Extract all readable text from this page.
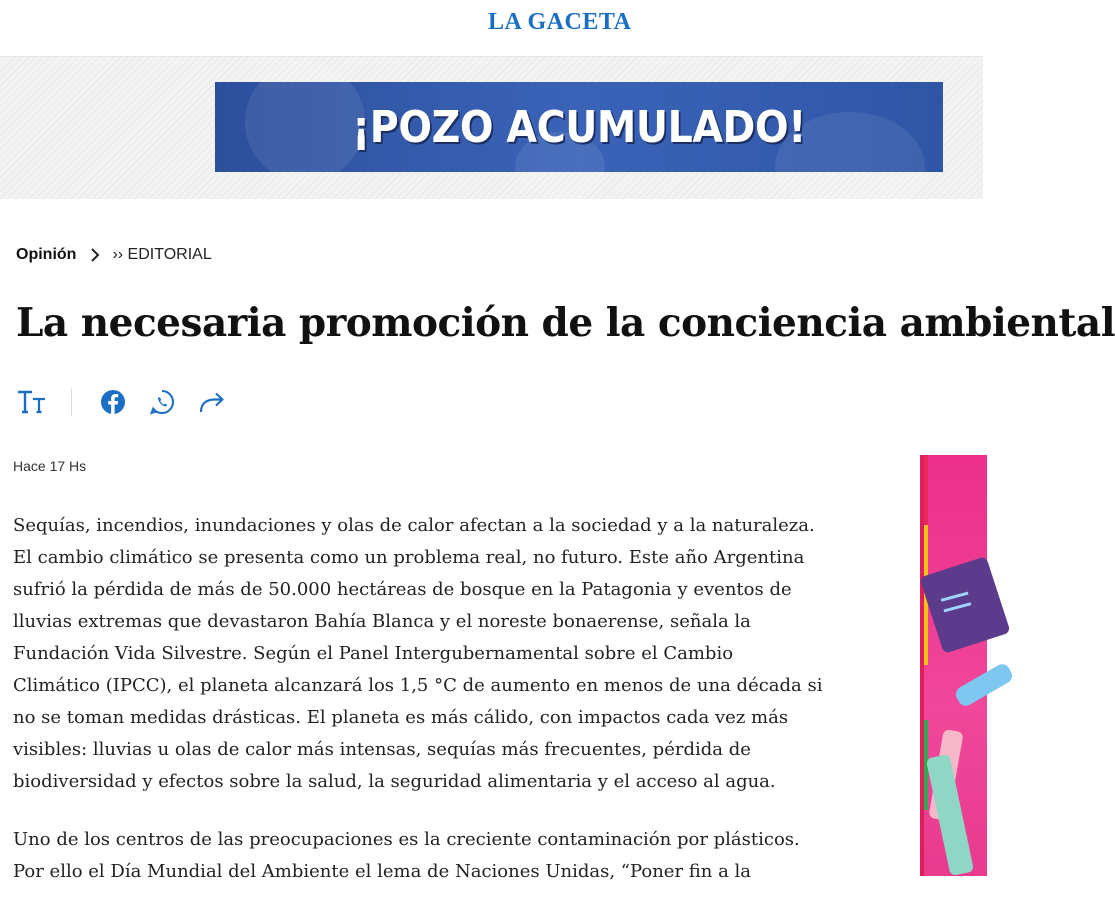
LA GACETA
¡POZO ACUMULADO!
Opinión ›› EDITORIAL
La necesaria promoción de la conciencia ambiental
Hace 17 Hs

Sequías, incendios, inundaciones y olas de calor afectan a la sociedad y a la naturaleza. El cambio climático se presenta como un problema real, no futuro. Este año Argentina sufrió la pérdida de más de 50.000 hectáreas de bosque en la Patagonia y eventos de lluvias extremas que devastaron Bahía Blanca y el noreste bonaerense, señala la Fundación Vida Silvestre. Según el Panel Intergubernamental sobre el Cambio Climático (IPCC), el planeta alcanzará los 1,5 °C de aumento en menos de una década si no se toman medidas drásticas. El planeta es más cálido, con impactos cada vez más visibles: lluvias u olas de calor más intensas, sequías más frecuentes, pérdida de biodiversidad y efectos sobre la salud, la seguridad alimentaria y el acceso al agua.

Uno de los centros de las preocupaciones es la creciente contaminación por plásticos. Por ello el Día Mundial del Ambiente el lema de Naciones Unidas, “Poner fin a la
